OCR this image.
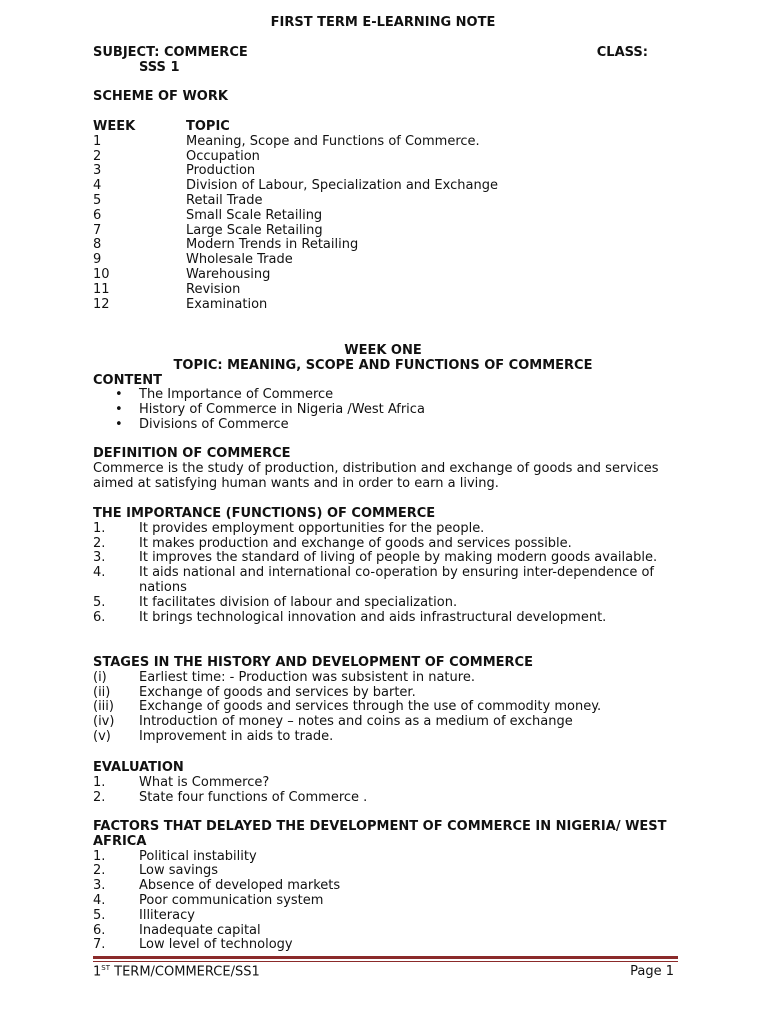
FIRST TERM E-LEARNING NOTE
SUBJECT: COMMERCE	CLASS:
SSS 1
SCHEME OF WORK
WEEK	TOPIC
1	Meaning, Scope and Functions of Commerce.
2	Occupation
3	Production
4	Division of Labour, Specialization and Exchange
5	Retail Trade
6	Small Scale Retailing
7	Large Scale Retailing
8	Modern Trends in Retailing
9	Wholesale Trade
10	Warehousing
11	Revision
12	Examination
WEEK ONE
TOPIC: MEANING, SCOPE AND FUNCTIONS OF COMMERCE
CONTENT
• The Importance of Commerce
• History of Commerce in Nigeria /West Africa
• Divisions of Commerce
DEFINITION OF COMMERCE
Commerce is the study of production, distribution and exchange of goods and services aimed at satisfying human wants and in order to earn a living.
THE IMPORTANCE (FUNCTIONS) OF COMMERCE
1.	It provides employment opportunities for the people.
2.	It makes production and exchange of goods and services possible.
3.	It improves the standard of living of people by making modern goods available.
4.	It aids national and international co-operation by ensuring inter-dependence of nations
5.	It facilitates division of labour and specialization.
6.	It brings technological innovation and aids infrastructural development.
STAGES IN THE HISTORY AND DEVELOPMENT OF COMMERCE
(i)	Earliest time: - Production was subsistent in nature.
(ii)	Exchange of goods and services by barter.
(iii)	Exchange of goods and services through the use of commodity money.
(iv)	Introduction of money – notes and coins as a medium of exchange
(v)	Improvement in aids to trade.
EVALUATION
1.	What is Commerce?
2.	State four functions of Commerce .
FACTORS THAT DELAYED THE DEVELOPMENT OF COMMERCE IN NIGERIA/ WEST AFRICA
1.	Political instability
2.	Low savings
3.	Absence of developed markets
4.	Poor communication system
5.	Illiteracy
6.	Inadequate capital
7.	Low level of technology
1ST TERM/COMMERCE/SS1	Page 1
